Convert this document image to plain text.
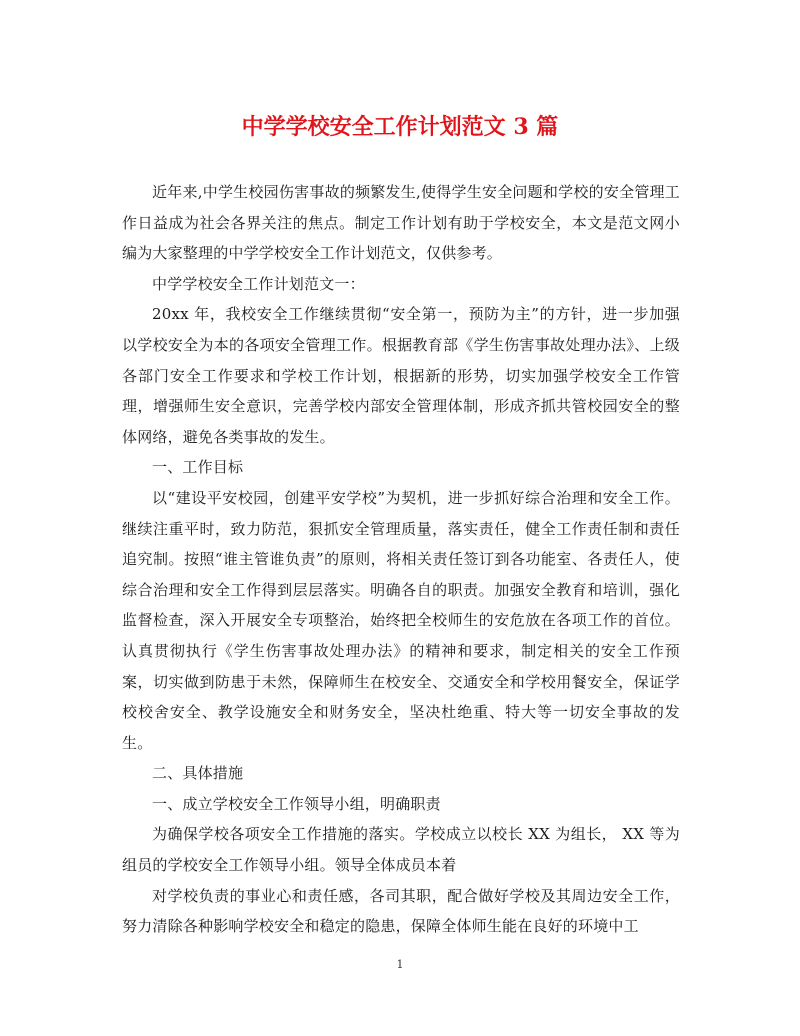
中学学校安全工作计划范文 3 篇

近年来,中学生校园伤害事故的频繁发生,使得学生安全问题和学校的安全管理工作日益成为社会各界关注的焦点。制定工作计划有助于学校安全，本文是范文网小编为大家整理的中学学校安全工作计划范文，仅供参考。

中学学校安全工作计划范文一：

20xx 年，我校安全工作继续贯彻“安全第一，预防为主”的方针，进一步加强以学校安全为本的各项安全管理工作。根据教育部《学生伤害事故处理办法》、上级各部门安全工作要求和学校工作计划，根据新的形势，切实加强学校安全工作管理，增强师生安全意识，完善学校内部安全管理体制，形成齐抓共管校园安全的整体网络，避免各类事故的发生。

一、工作目标

以“建设平安校园，创建平安学校”为契机，进一步抓好综合治理和安全工作。继续注重平时，致力防范，狠抓安全管理质量，落实责任，健全工作责任制和责任追究制。按照“谁主管谁负责”的原则，将相关责任签订到各功能室、各责任人，使综合治理和安全工作得到层层落实。明确各自的职责。加强安全教育和培训，强化监督检查，深入开展安全专项整治，始终把全校师生的安危放在各项工作的首位。认真贯彻执行《学生伤害事故处理办法》的精神和要求，制定相关的安全工作预案，切实做到防患于未然，保障师生在校安全、交通安全和学校用餐安全，保证学校校舍安全、教学设施安全和财务安全，坚决杜绝重、特大等一切安全事故的发生。

二、具体措施

一、成立学校安全工作领导小组，明确职责

为确保学校各项安全工作措施的落实。学校成立以校长 XX 为组长， XX 等为组员的学校安全工作领导小组。领导全体成员本着

对学校负责的事业心和责任感，各司其职，配合做好学校及其周边安全工作，努力清除各种影响学校安全和稳定的隐患，保障全体师生能在良好的环境中工

1
